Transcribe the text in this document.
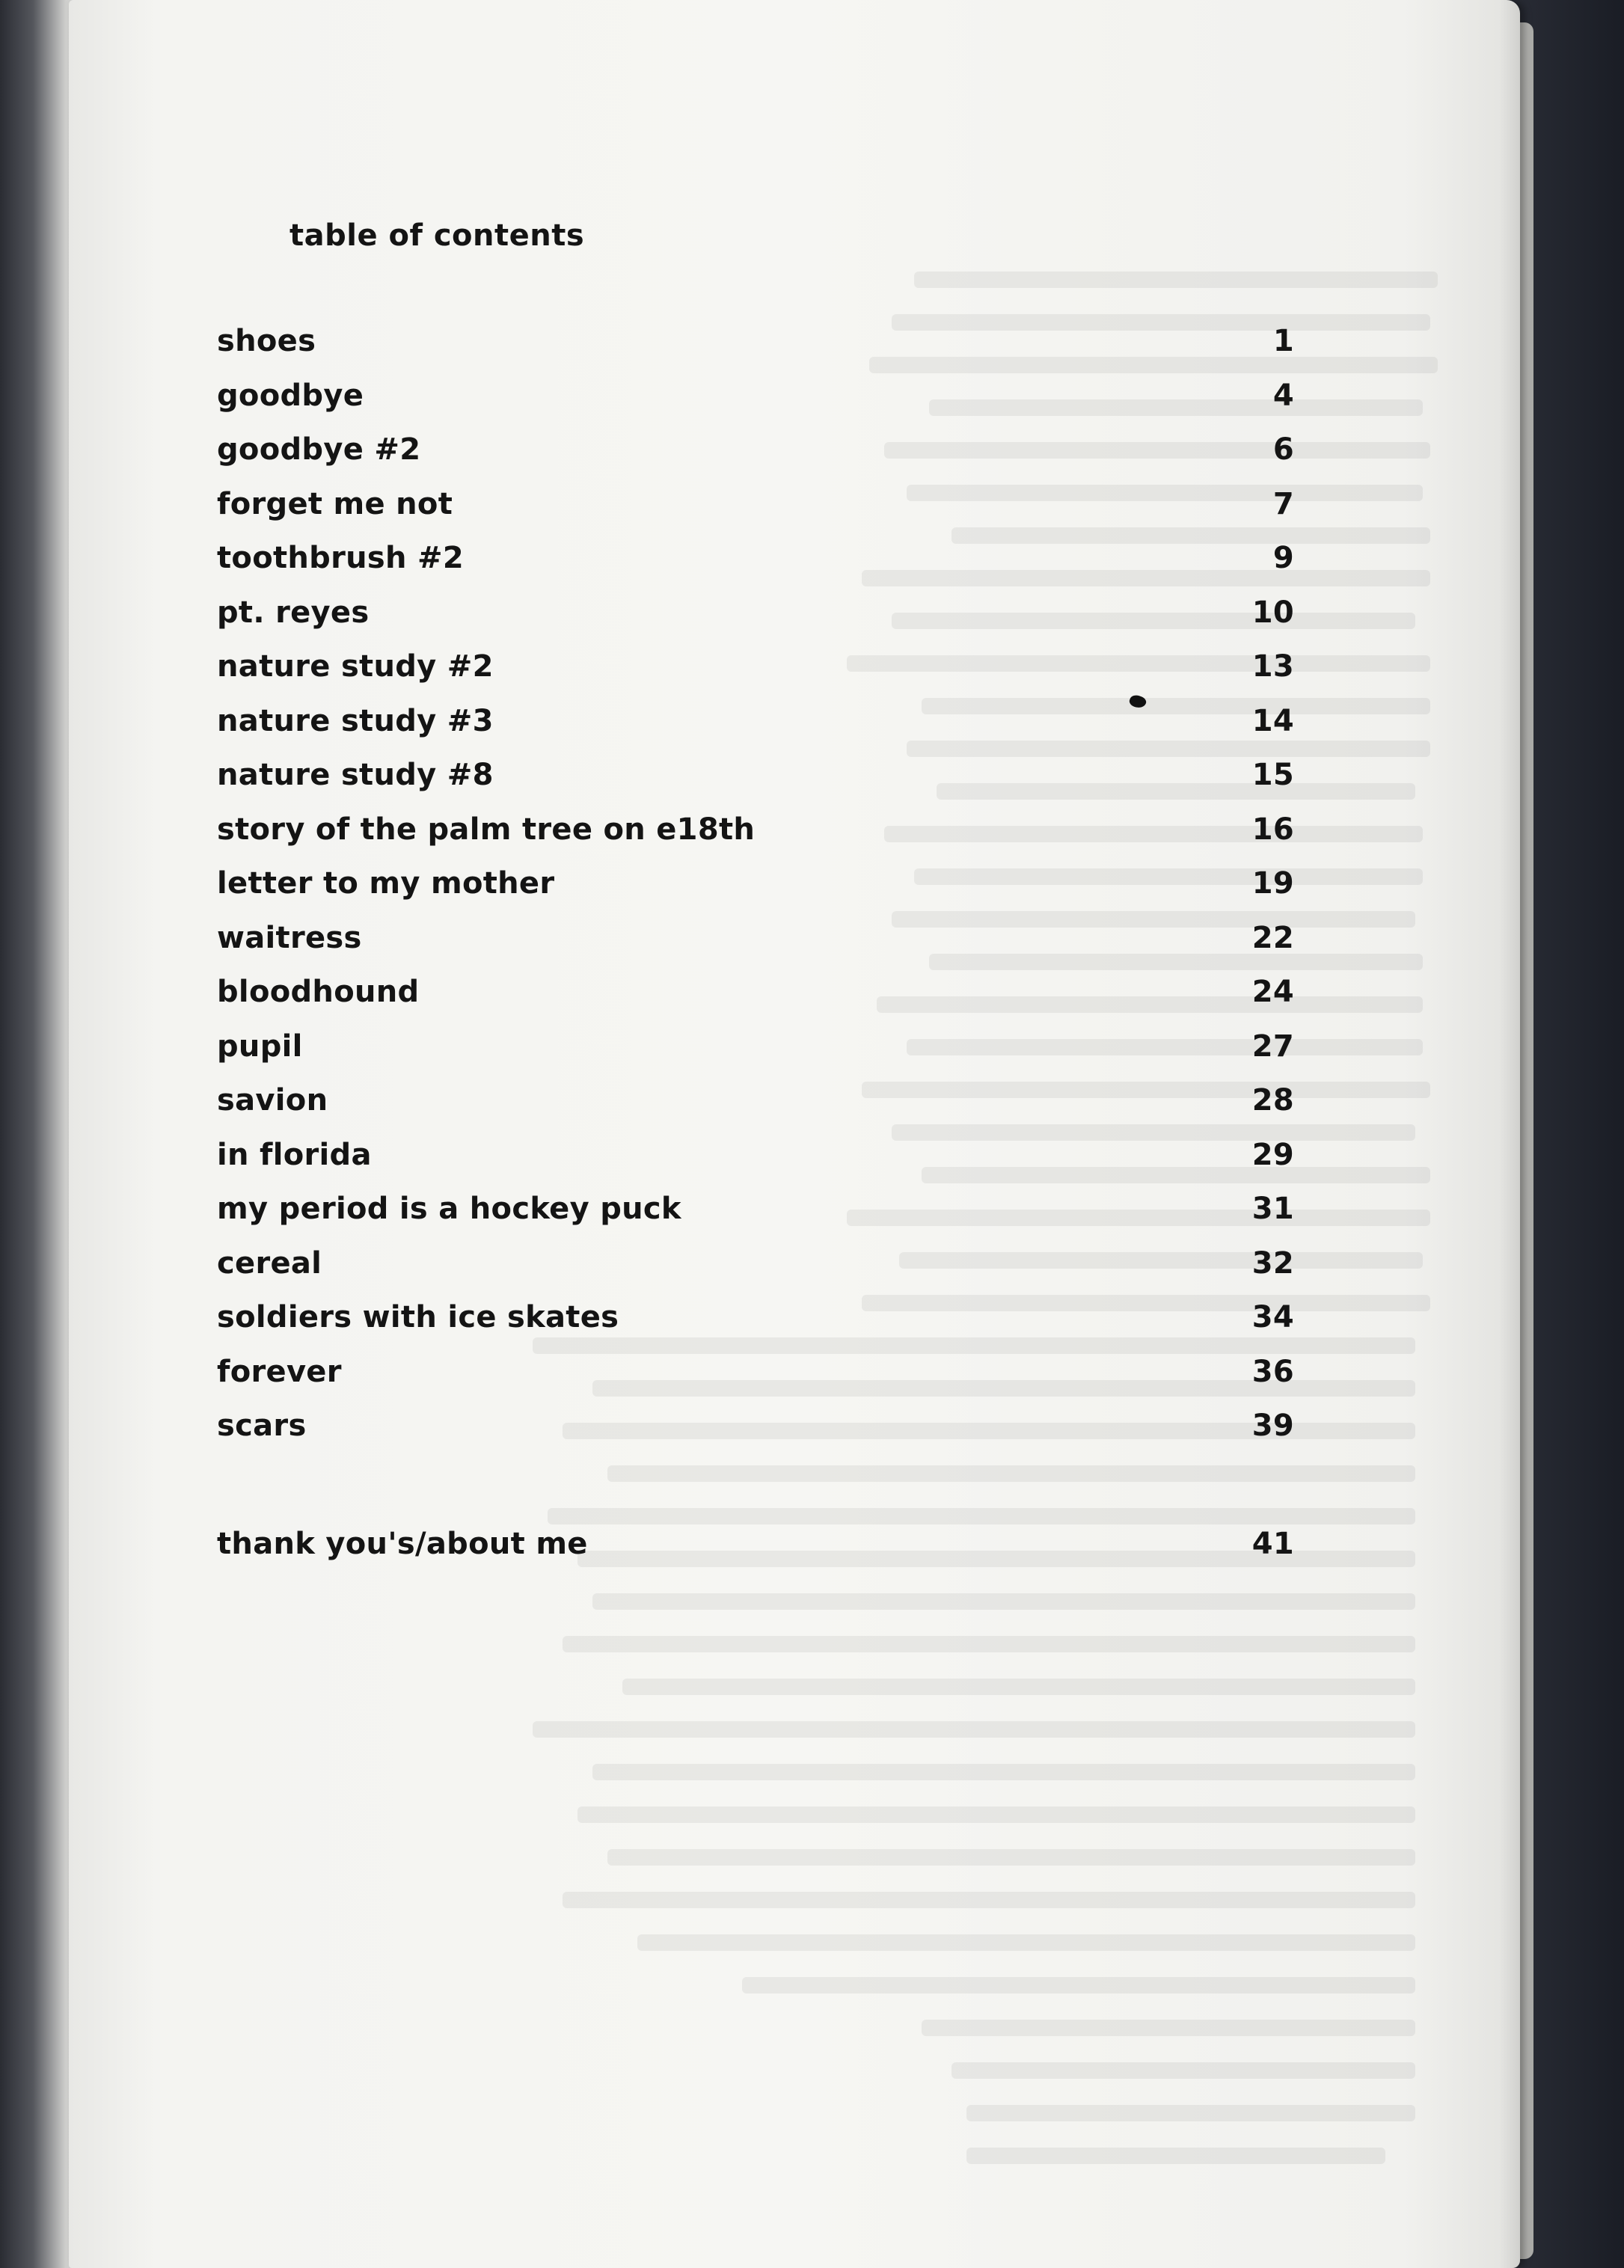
table of contents
shoes	1
goodbye	4
goodbye #2	6
forget me not	7
toothbrush #2	9
pt. reyes	10
nature study #2	13
nature study #3	14
nature study #8	15
story of the palm tree on e18th	16
letter to my mother	19
waitress	22
bloodhound	24
pupil	27
savion	28
in florida	29
my period is a hockey puck	31
cereal	32
soldiers with ice skates	34
forever	36
scars	39
thank you's/about me	41
